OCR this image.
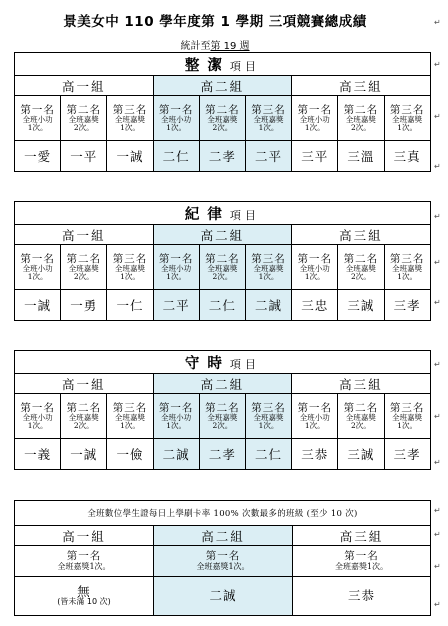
景美女中 110 學年度第 1 學期 三項競賽總成績
統計至第 19 週
整潔項目								
高一組			高二組			高三組		

第一名
全班小功
1次。	第二名
全班嘉獎
2次。	第三名
全班嘉獎
1次。	第一名
全班小功
1次。	第二名
全班嘉獎
2次。	第三名
全班嘉獎
1次。	第一名
全班小功
1次。	第二名
全班嘉獎
2次。	第三名
全班嘉獎
1次。

一愛	一平	一誠	二仁	二孝	二平	三平	三溫	三真
紀律項目								
高一組			高二組			高三組		

第一名
全班小功
1次。	第二名
全班嘉獎
2次。	第三名
全班嘉獎
1次。	第一名
全班小功
1次。	第二名
全班嘉獎
2次。	第三名
全班嘉獎
1次。	第一名
全班小功
1次。	第二名
全班嘉獎
2次。	第三名
全班嘉獎
1次。

一誠	一勇	一仁	二平	二仁	二誠	三忠	三誠	三孝
守時項目								
高一組			高二組			高三組		

第一名
全班小功
1次。	第二名
全班嘉獎
2次。	第三名
全班嘉獎
1次。	第一名
全班小功
1次。	第二名
全班嘉獎
2次。	第三名
全班嘉獎
1次。	第一名
全班小功
1次。	第二名
全班嘉獎
2次。	第三名
全班嘉獎
1次。

一義	一誠	一儉	二誠	二孝	二仁	三恭	三誠	三孝
全班數位學生證每日上學刷卡率 100% 次數最多的班級 (至少 10 次)		
高一組	高二組	高三組

第一名
全班嘉獎1次。	第一名
全班嘉獎1次。	第一名
全班嘉獎1次。

無
(皆未滿 10 次)	二誠	三恭
↵
↵
↵
↵
↵
↵
↵
↵
↵
↵
↵
↵
↵
↵
